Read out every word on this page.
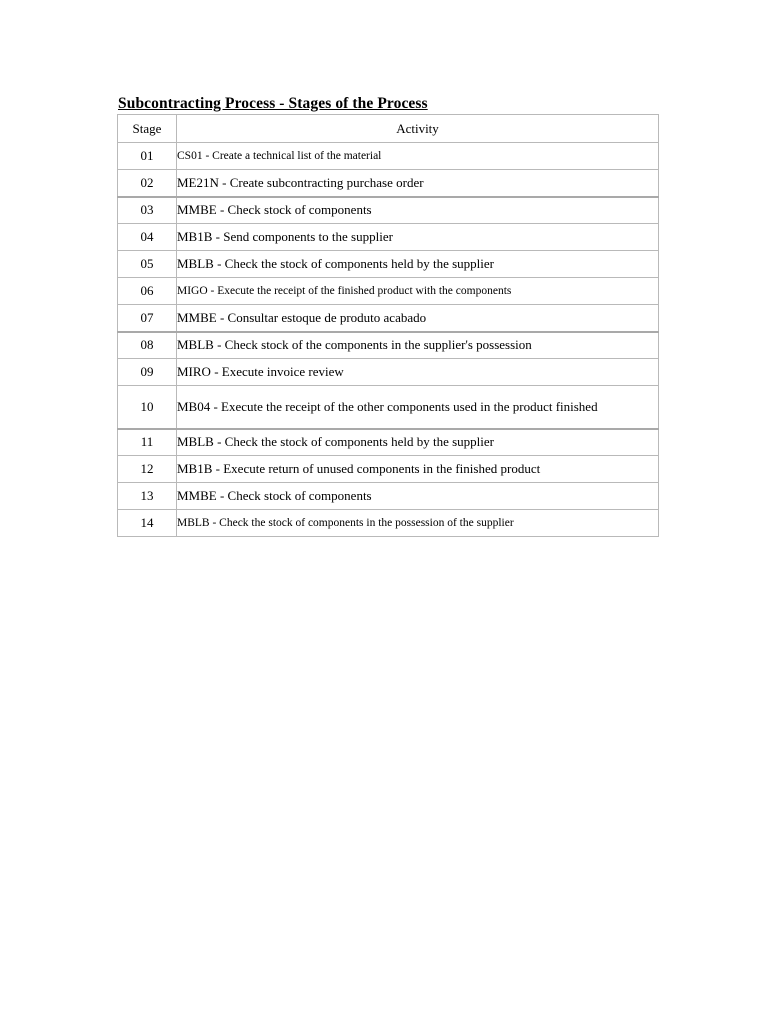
Subcontracting Process - Stages of the Process
Stage	Activity
01	CS01 - Create a technical list of the material
02	ME21N - Create subcontracting purchase order
03	MMBE - Check stock of components
04	MB1B - Send components to the supplier
05	MBLB - Check the stock of components held by the supplier
06	MIGO - Execute the receipt of the finished product with the components
07	MMBE - Consultar estoque de produto acabado
08	MBLB - Check stock of the components in the supplier's possession
09	MIRO - Execute invoice review
10	MB04 - Execute the receipt of the other components used in the product finished
11	MBLB - Check the stock of components held by the supplier
12	MB1B - Execute return of unused components in the finished product
13	MMBE - Check stock of components
14	MBLB - Check the stock of components in the possession of the supplier
